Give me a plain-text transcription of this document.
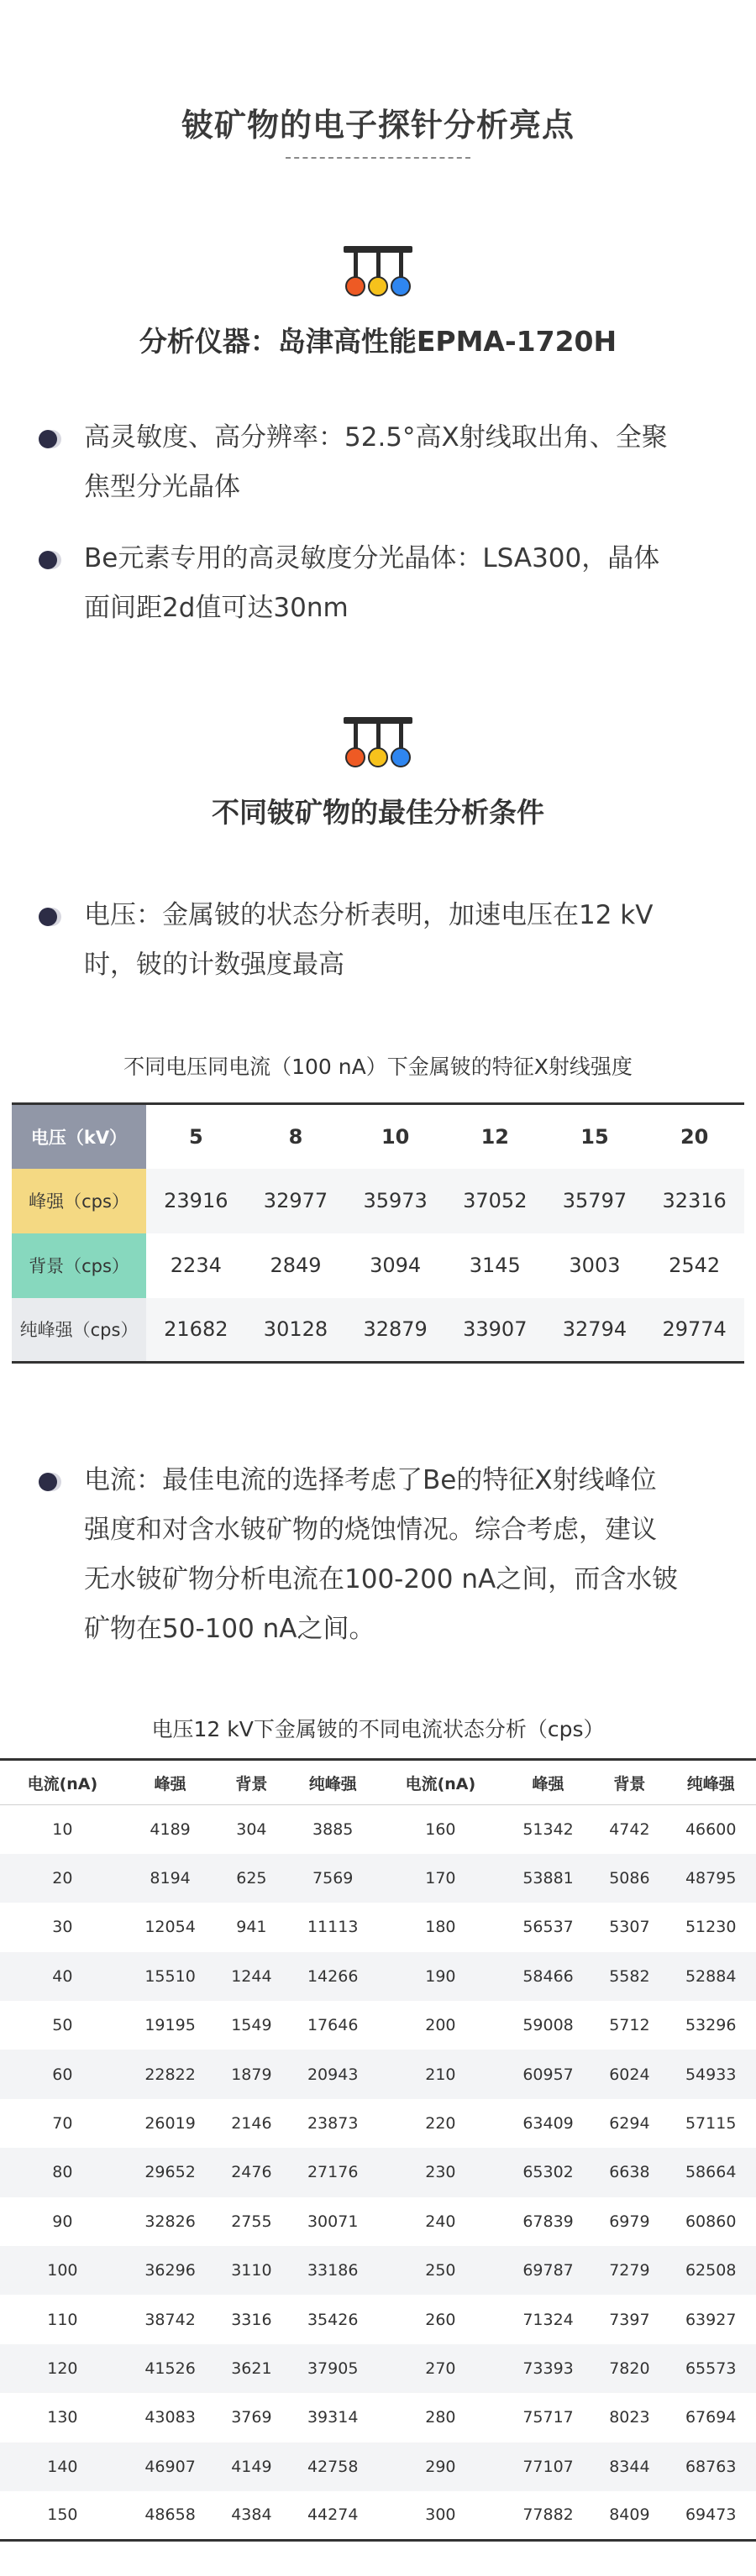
铍矿物的电子探针分析亮点
分析仪器：岛津高性能EPMA-1720H
高灵敏度、高分辨率：52.5°高X射线取出角、全聚
焦型分光晶体
Be元素专用的高灵敏度分光晶体：LSA300，晶体
面间距2d值可达30nm
不同铍矿物的最佳分析条件
电压：金属铍的状态分析表明，加速电压在12 kV
时，铍的计数强度最高
不同电压同电流（100 nA）下金属铍的特征X射线强度
电压（kV）	5	8	10	12	15	20
峰强（cps）	23916	32977	35973	37052	35797	32316
背景（cps）	2234	2849	3094	3145	3003	2542
纯峰强（cps）	21682	30128	32879	33907	32794	29774
电流：最佳电流的选择考虑了Be的特征X射线峰位
强度和对含水铍矿物的烧蚀情况。综合考虑，建议
无水铍矿物分析电流在100-200 nA之间，而含水铍
矿物在50-100 nA之间。
电压12 kV下金属铍的不同电流状态分析（cps）
电流(nA)	峰强	背景	纯峰强	电流(nA)	峰强	背景	纯峰强
10	4189	304	3885	160	51342	4742	46600
20	8194	625	7569	170	53881	5086	48795
30	12054	941	11113	180	56537	5307	51230
40	15510	1244	14266	190	58466	5582	52884
50	19195	1549	17646	200	59008	5712	53296
60	22822	1879	20943	210	60957	6024	54933
70	26019	2146	23873	220	63409	6294	57115
80	29652	2476	27176	230	65302	6638	58664
90	32826	2755	30071	240	67839	6979	60860
100	36296	3110	33186	250	69787	7279	62508
110	38742	3316	35426	260	71324	7397	63927
120	41526	3621	37905	270	73393	7820	65573
130	43083	3769	39314	280	75717	8023	67694
140	46907	4149	42758	290	77107	8344	68763
150	48658	4384	44274	300	77882	8409	69473
